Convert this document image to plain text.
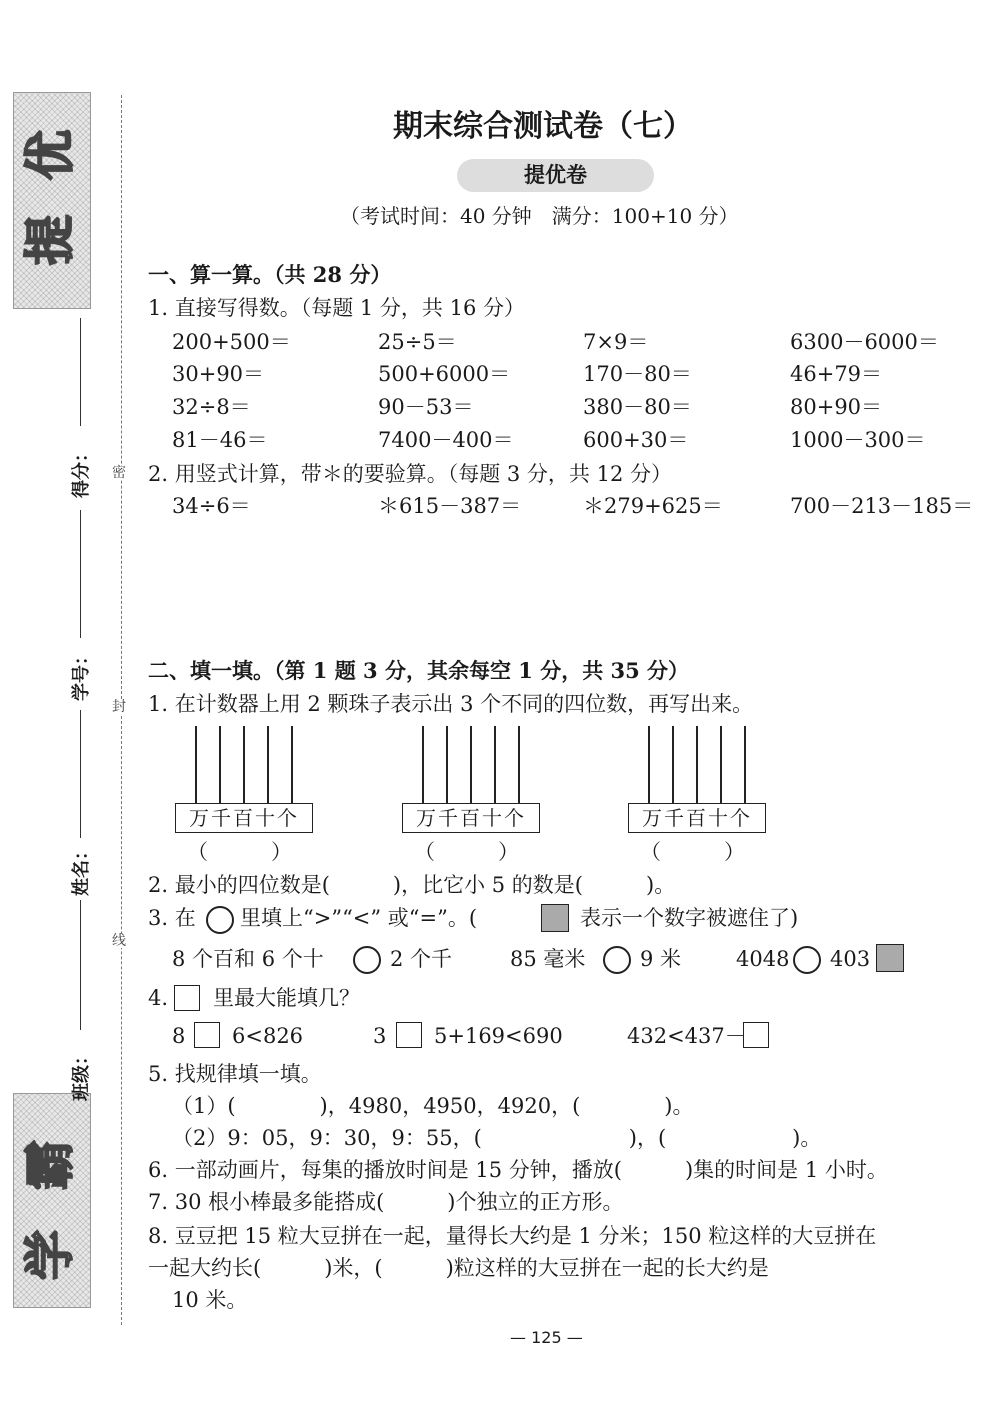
提
优
学
霸
得分：
学号：
姓名：
班级：
密
封
线
期末综合测试卷（七）
提优卷
（考试时间：40 分钟　满分：100+10 分）
一、算一算。（共 28 分）
1. 直接写得数。（每题 1 分，共 16 分）
200+500＝	25÷5＝	7×9＝	6300－6000＝
30+90＝	500+6000＝	170－80＝	46+79＝
32÷8＝	90－53＝	380－80＝	80+90＝
81－46＝	7400－400＝	600+30＝	1000－300＝
2. 用竖式计算，带＊的要验算。（每题 3 分，共 12 分）
34÷6＝	＊615－387＝	＊279+625＝	700－213－185＝
二、填一填。（第 1 题 3 分，其余每空 1 分，共 35 分）
1. 在计数器上用 2 颗珠子表示出 3 个不同的四位数，再写出来。
万千百十个
（　　　）
万千百十个
（　　　）
万千百十个
（　　　）
2. 最小的四位数是(　　　)，比它小 5 的数是(　　　)。
3. 在 里填上“>”“<” 或“=”。(	表示一个数字被遮住了)
8 个百和 6 个十	2 个千	85 毫米	9 米	4048 403
4. 里最大能填几？
8 6<826	3 5+169<690	432<437－
5. 找规律填一填。
（1）(　　　　)，4980，4950，4920，(　　　　)。
（2）9：05，9：30，9：55，(　　　　　　　)，(　　　　　　)。
6. 一部动画片，每集的播放时间是 15 分钟，播放(　　　)集的时间是 1 小时。
7. 30 根小棒最多能搭成(　　　)个独立的正方形。
8. 豆豆把 15 粒大豆拼在一起，量得长大约是 1 分米；150 粒这样的大豆拼在
一起大约长(　　　)米，(　　　)粒这样的大豆拼在一起的长大约是
10 米。
— 125 —
